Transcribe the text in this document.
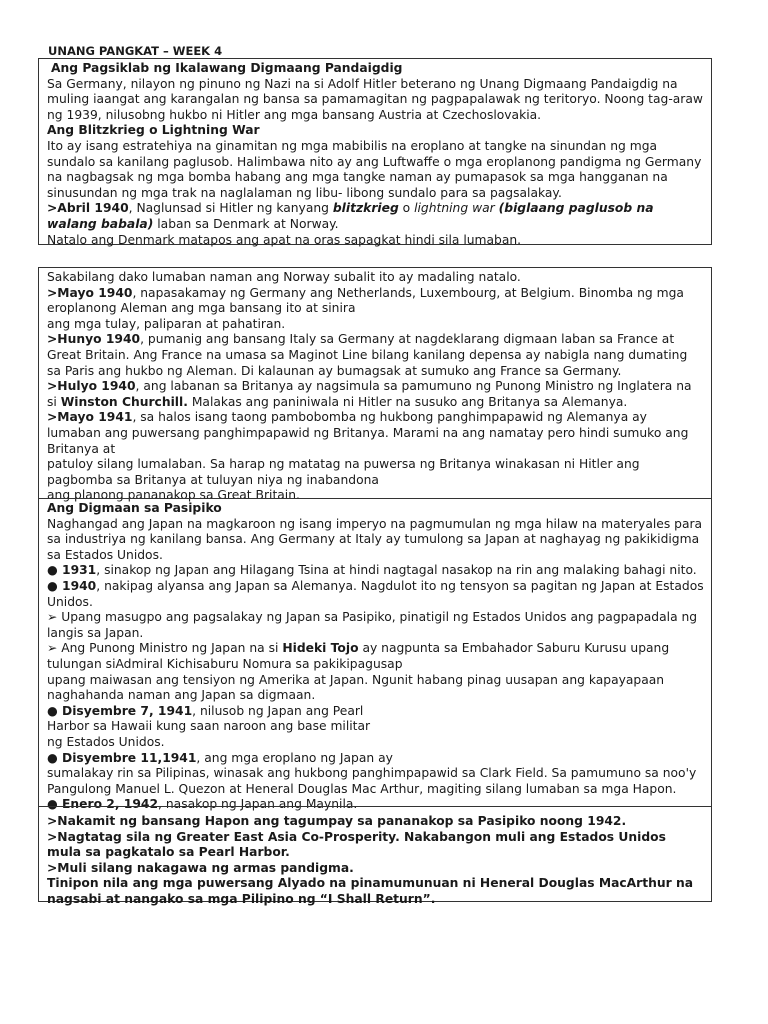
UNANG PANGKAT – WEEK 4

Ang Pagsiklab ng Ikalawang Digmaang Pandaigdig

Sa Germany, nilayon ng pinuno ng Nazi na si Adolf Hitler beterano ng Unang Digmaang Pandaigdig na muling iaangat ang karangalan ng bansa sa pamamagitan ng pagpapalawak ng teritoryo. Noong tag-araw ng 1939, nilusobng hukbo ni Hitler ang mga bansang Austria at Czechoslovakia.

Ang Blitzkrieg o Lightning War

Ito ay isang estratehiya na ginamitan ng mga mabibilis na eroplano at tangke na sinundan ng mga sundalo sa kanilang paglusob. Halimbawa nito ay ang Luftwaffe o mga eroplanong pandigma ng Germany na nagbagsak ng mga bomba habang ang mga tangke naman ay pumapasok sa mga hangganan na sinusundan ng mga trak na naglalaman ng libu- libong sundalo para sa pagsalakay.

>Abril 1940, Naglunsad si Hitler ng kanyang blitzkrieg o lightning war (biglaang paglusob na walang babala) laban sa Denmark at Norway.

Natalo ang Denmark matapos ang apat na oras sapagkat hindi sila lumaban.

Sakabilang dako lumaban naman ang Norway subalit ito ay madaling natalo.

>Mayo 1940, napasakamay ng Germany ang Netherlands, Luxembourg, at Belgium. Binomba ng mga eroplanong Aleman ang mga bansang ito at sinira

ang mga tulay, paliparan at pahatiran.

>Hunyo 1940, pumanig ang bansang Italy sa Germany at nagdeklarang digmaan laban sa France at Great Britain. Ang France na umasa sa Maginot Line bilang kanilang depensa ay nabigla nang dumating sa Paris ang hukbo ng Aleman. Di kalaunan ay bumagsak at sumuko ang France sa Germany.

>Hulyo 1940, ang labanan sa Britanya ay nagsimula sa pamumuno ng Punong Ministro ng Inglatera na si Winston Churchill. Malakas ang paniniwala ni Hitler na susuko ang Britanya sa Alemanya.

>Mayo 1941, sa halos isang taong pambobomba ng hukbong panghimpapawid ng Alemanya ay lumaban ang puwersang panghimpapawid ng Britanya. Marami na ang namatay pero hindi sumuko ang Britanya at

patuloy silang lumalaban. Sa harap ng matatag na puwersa ng Britanya winakasan ni Hitler ang pagbomba sa Britanya at tuluyan niya ng inabandona

ang planong pananakop sa Great Britain.

Ang Digmaan sa Pasipiko

Naghangad ang Japan na magkaroon ng isang imperyo na pagmumulan ng mga hilaw na materyales para sa industriya ng kanilang bansa. Ang Germany at Italy ay tumulong sa Japan at naghayag ng pakikidigma sa Estados Unidos.

● 1931, sinakop ng Japan ang Hilagang Tsina at hindi nagtagal nasakop na rin ang malaking bahagi nito.

● 1940, nakipag alyansa ang Japan sa Alemanya. Nagdulot ito ng tensyon sa pagitan ng Japan at Estados Unidos.

➢ Upang masugpo ang pagsalakay ng Japan sa Pasipiko, pinatigil ng Estados Unidos ang pagpapadala ng langis sa Japan.

➢ Ang Punong Ministro ng Japan na si Hideki Tojo ay nagpunta sa Embahador Saburu Kurusu upang tulungan siAdmiral Kichisaburu Nomura sa pakikipagusap

upang maiwasan ang tensiyon ng Amerika at Japan. Ngunit habang pinag uusapan ang kapayapaan naghahanda naman ang Japan sa digmaan.

● Disyembre 7, 1941, nilusob ng Japan ang Pearl

Harbor sa Hawaii kung saan naroon ang base militar

ng Estados Unidos.

● Disyembre 11,1941, ang mga eroplano ng Japan ay

sumalakay rin sa Pilipinas, winasak ang hukbong panghimpapawid sa Clark Field. Sa pamumuno sa noo'y Pangulong Manuel L. Quezon at Heneral Douglas Mac Arthur, magiting silang lumaban sa mga Hapon.

● Enero 2, 1942, nasakop ng Japan ang Maynila.

>Nakamit ng bansang Hapon ang tagumpay sa pananakop sa Pasipiko noong 1942.

>Nagtatag sila ng Greater East Asia Co-Prosperity. Nakabangon muli ang Estados Unidos

mula sa pagkatalo sa Pearl Harbor.

>Muli silang nakagawa ng armas pandigma.

Tinipon nila ang mga puwersang Alyado na pinamumunuan ni Heneral Douglas MacArthur na nagsabi at nangako sa mga Pilipino ng “I Shall Return”.
